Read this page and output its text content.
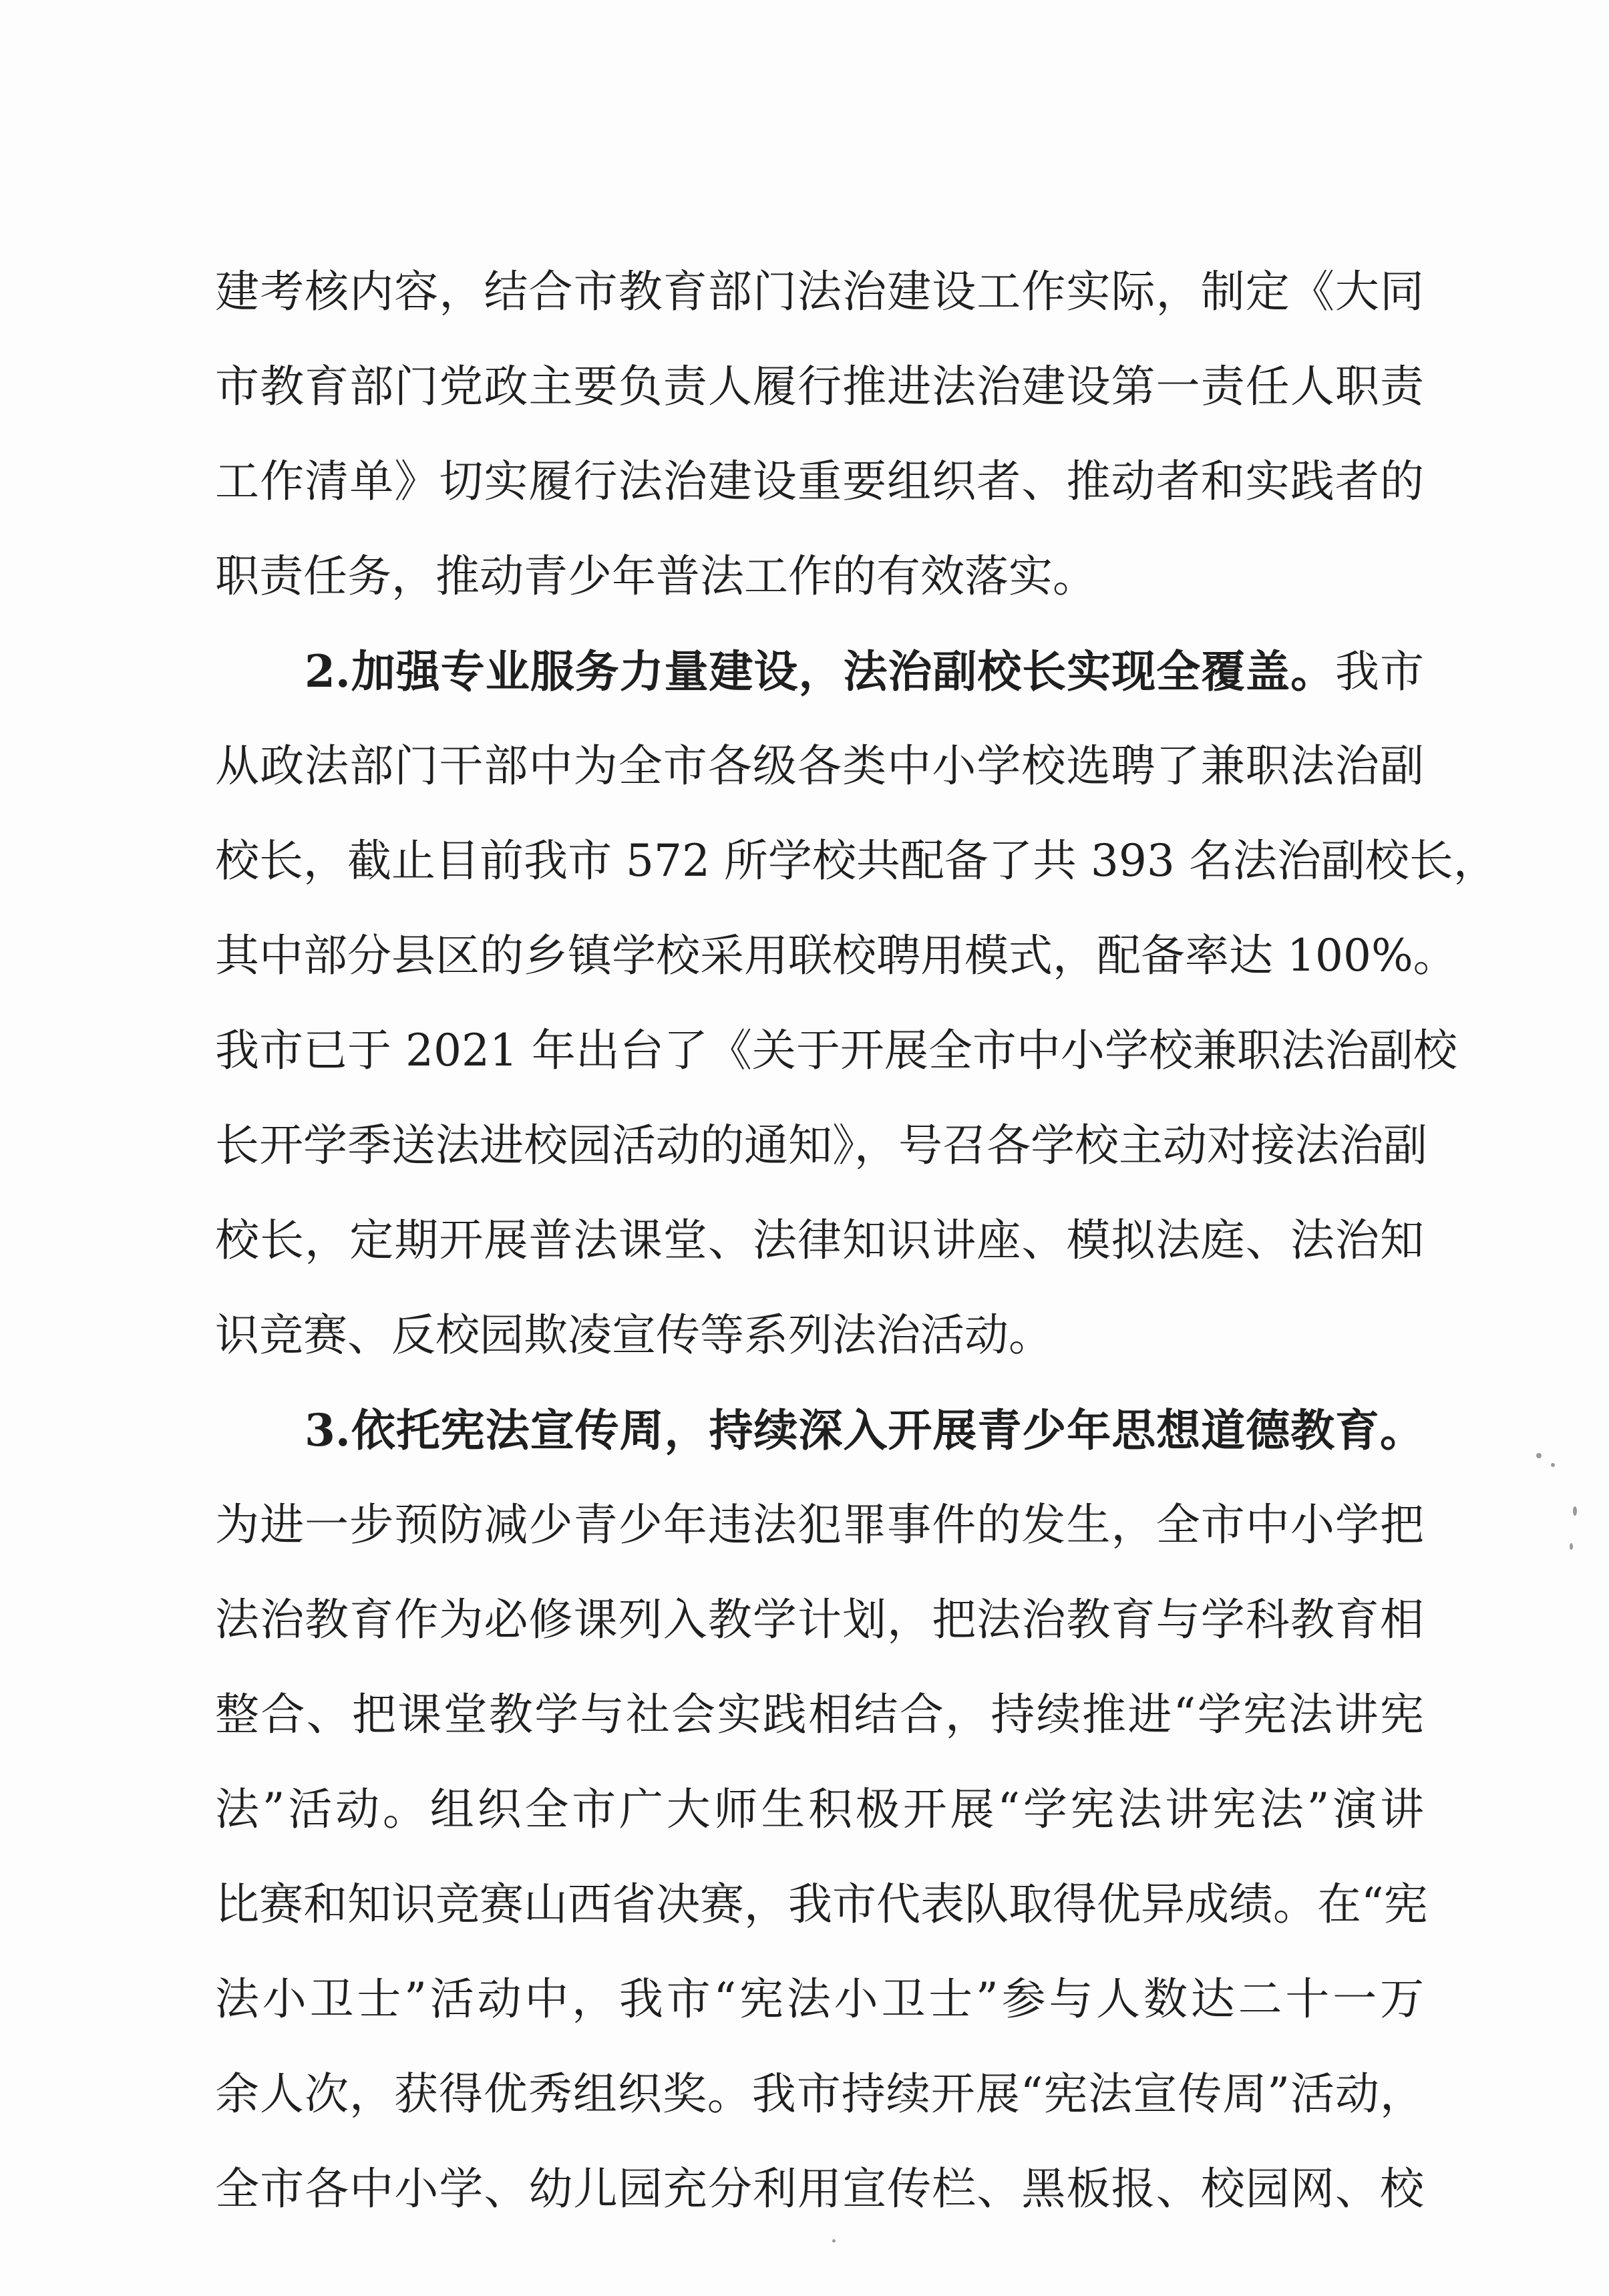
建考核内容，结合市教育部门法治建设工作实际，制定《大同
市教育部门党政主要负责人履行推进法治建设第一责任人职责
工作清单》切实履行法治建设重要组织者、推动者和实践者的
职责任务，推动青少年普法工作的有效落实。
2.加强专业服务力量建设，法治副校长实现全覆盖。我市
从政法部门干部中为全市各级各类中小学校选聘了兼职法治副
校长，截止目前我市 572 所学校共配备了共 393 名法治副校长，
其中部分县区的乡镇学校采用联校聘用模式，配备率达 100%。
我市已于 2021 年出台了《关于开展全市中小学校兼职法治副校
长开学季送法进校园活动的通知》，号召各学校主动对接法治副
校长，定期开展普法课堂、法律知识讲座、模拟法庭、法治知
识竞赛、反校园欺凌宣传等系列法治活动。
3.依托宪法宣传周，持续深入开展青少年思想道德教育。
为进一步预防减少青少年违法犯罪事件的发生，全市中小学把
法治教育作为必修课列入教学计划，把法治教育与学科教育相
整合、把课堂教学与社会实践相结合，持续推进“学宪法讲宪
法”活动。组织全市广大师生积极开展“学宪法讲宪法”演讲
比赛和知识竞赛山西省决赛，我市代表队取得优异成绩。在“宪
法小卫士”活动中，我市“宪法小卫士”参与人数达二十一万
余人次，获得优秀组织奖。我市持续开展“宪法宣传周”活动，
全市各中小学、幼儿园充分利用宣传栏、黑板报、校园网、校
